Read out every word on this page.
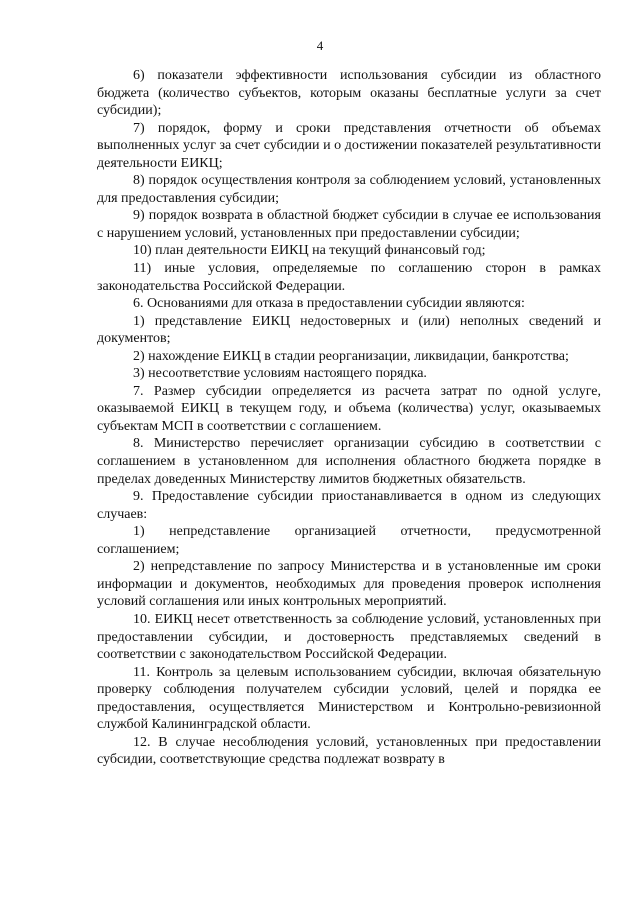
4

6) показатели эффективности использования субсидии из областного бюджета (количество субъектов, которым оказаны бесплатные услуги за счет субсидии);

7) порядок, форму и сроки представления отчетности об объемах выполненных услуг за счет субсидии и о достижении показателей результативности деятельности ЕИКЦ;

8) порядок осуществления контроля за соблюдением условий, установленных для предоставления субсидии;

9) порядок возврата в областной бюджет субсидии в случае ее использования с нарушением условий, установленных при предоставлении субсидии;

10) план деятельности ЕИКЦ на текущий финансовый год;

11) иные условия, определяемые по соглашению сторон в рамках законодательства Российской Федерации.

6. Основаниями для отказа в предоставлении субсидии являются:

1) представление ЕИКЦ недостоверных и (или) неполных сведений и документов;

2) нахождение ЕИКЦ в стадии реорганизации, ликвидации, банкротства;

3) несоответствие условиям настоящего порядка.

7. Размер субсидии определяется из расчета затрат по одной услуге, оказываемой ЕИКЦ в текущем году, и объема (количества) услуг, оказываемых субъектам МСП в соответствии с соглашением.

8. Министерство перечисляет организации субсидию в соответствии с соглашением в установленном для исполнения областного бюджета порядке в пределах доведенных Министерству лимитов бюджетных обязательств.

9. Предоставление субсидии приостанавливается в одном из следующих случаев:

1) непредставление организацией отчетности, предусмотренной соглашением;

2) непредставление по запросу Министерства и в установленные им сроки информации и документов, необходимых для проведения проверок исполнения условий соглашения или иных контрольных мероприятий.

10. ЕИКЦ несет ответственность за соблюдение условий, установленных при предоставлении субсидии, и достоверность представляемых сведений в соответствии с законодательством Российской Федерации.

11. Контроль за целевым использованием субсидии, включая обязательную проверку соблюдения получателем субсидии условий, целей и порядка ее предоставления, осуществляется Министерством и Контрольно-ревизионной службой Калининградской области.

12. В случае несоблюдения условий, установленных при предоставлении субсидии, соответствующие средства подлежат возврату в
